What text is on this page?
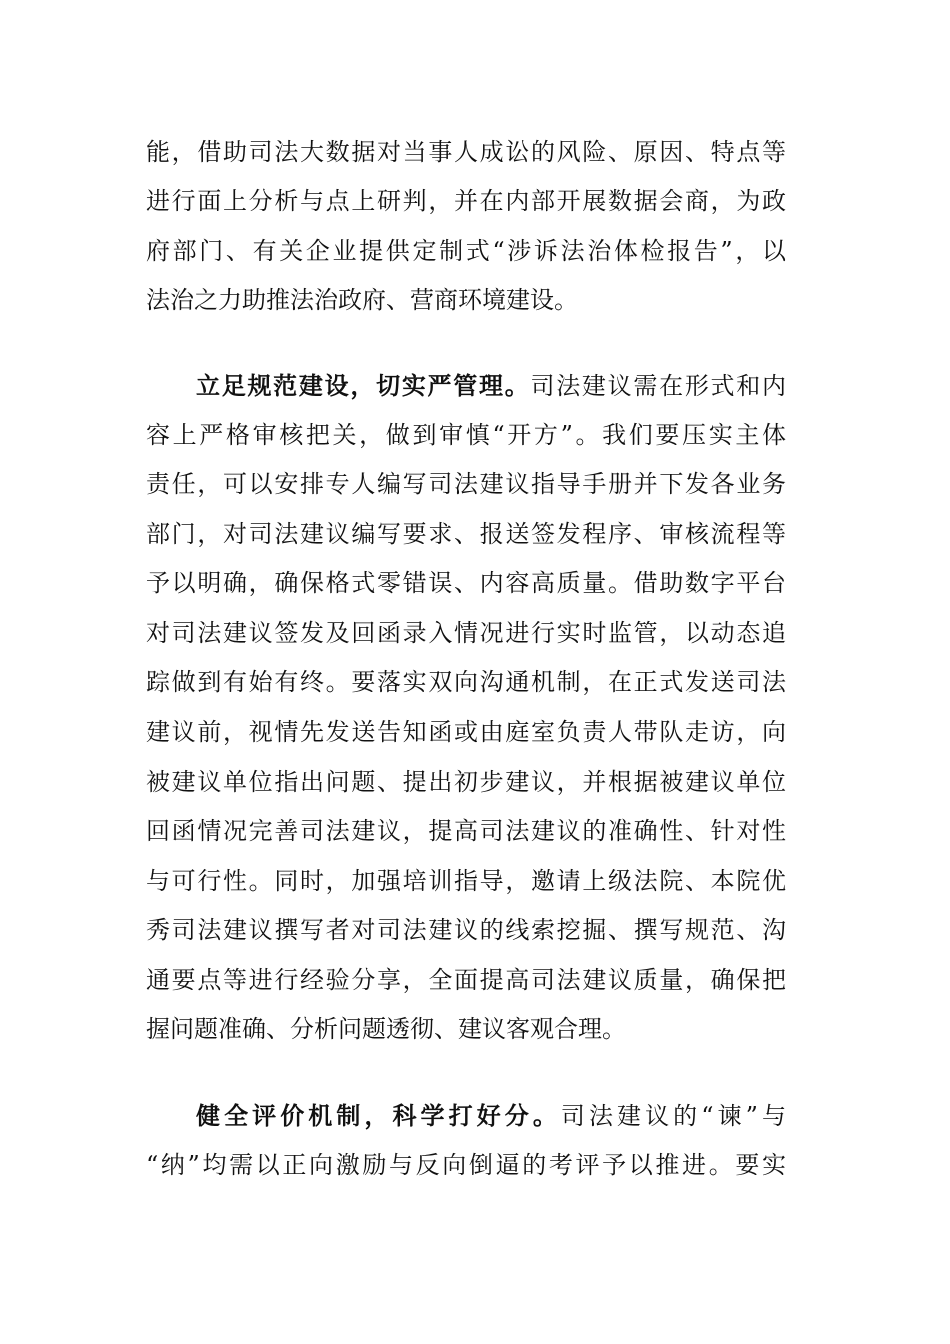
能，借助司法大数据对当事人成讼的风险、原因、特点等
进行面上分析与点上研判，并在内部开展数据会商，为政
府部门、有关企业提供定制式“涉诉法治体检报告”，以
法治之力助推法治政府、营商环境建设。
立足规范建设，切实严管理。司法建议需在形式和内
容上严格审核把关，做到审慎“开方”。我们要压实主体
责任，可以安排专人编写司法建议指导手册并下发各业务
部门，对司法建议编写要求、报送签发程序、审核流程等
予以明确，确保格式零错误、内容高质量。借助数字平台
对司法建议签发及回函录入情况进行实时监管，以动态追
踪做到有始有终。要落实双向沟通机制，在正式发送司法
建议前，视情先发送告知函或由庭室负责人带队走访，向
被建议单位指出问题、提出初步建议，并根据被建议单位
回函情况完善司法建议，提高司法建议的准确性、针对性
与可行性。同时，加强培训指导，邀请上级法院、本院优
秀司法建议撰写者对司法建议的线索挖掘、撰写规范、沟
通要点等进行经验分享，全面提高司法建议质量，确保把
握问题准确、分析问题透彻、建议客观合理。
健全评价机制，科学打好分。司法建议的“谏”与
“纳”均需以正向激励与反向倒逼的考评予以推进。要实
